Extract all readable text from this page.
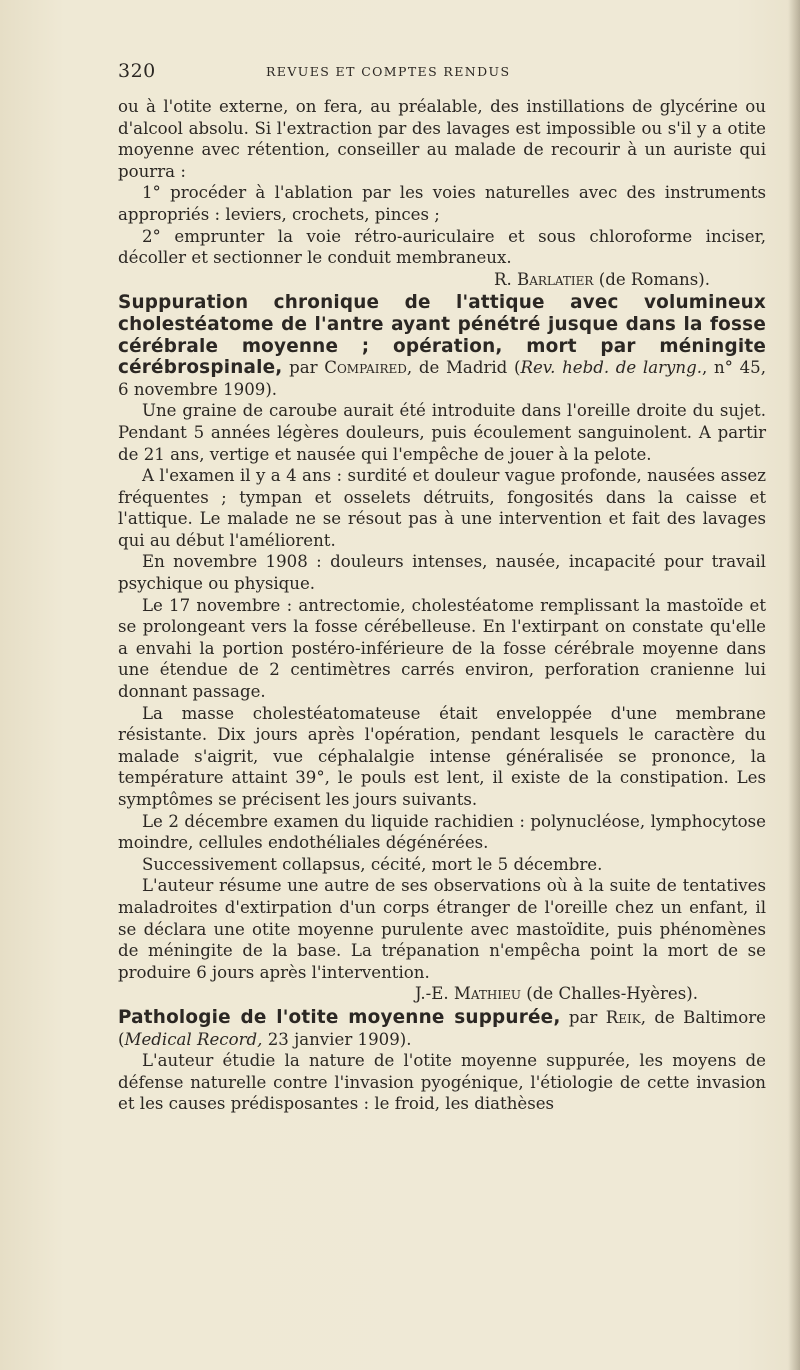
320	REVUES ET COMPTES RENDUS

ou à l'otite externe, on fera, au préalable, des instillations de glycérine ou d'alcool absolu. Si l'extraction par des lavages est impossible ou s'il y a otite moyenne avec rétention, conseiller au malade de recourir à un auriste qui pourra :

1° procéder à l'ablation par les voies naturelles avec des instruments appropriés : leviers, crochets, pinces ;

2° emprunter la voie rétro-auriculaire et sous chloroforme inciser, décoller et sectionner le conduit membraneux.

R. Barlatier (de Romans).

Suppuration chronique de l'attique avec volumineux cholestéatome de l'antre ayant pénétré jusque dans la fosse cérébrale moyenne ; opération, mort par méningite cérébrospinale, par Compaired, de Madrid (Rev. hebd. de laryng., n° 45, 6 novembre 1909).

Une graine de caroube aurait été introduite dans l'oreille droite du sujet. Pendant 5 années légères douleurs, puis écoulement sanguinolent. A partir de 21 ans, vertige et nausée qui l'empêche de jouer à la pelote.

A l'examen il y a 4 ans : surdité et douleur vague profonde, nausées assez fréquentes ; tympan et osselets détruits, fongosités dans la caisse et l'attique. Le malade ne se résout pas à une intervention et fait des lavages qui au début l'améliorent.

En novembre 1908 : douleurs intenses, nausée, incapacité pour travail psychique ou physique.

Le 17 novembre : antrectomie, cholestéatome remplissant la mastoïde et se prolongeant vers la fosse cérébelleuse. En l'extirpant on constate qu'elle a envahi la portion postéro-inférieure de la fosse cérébrale moyenne dans une étendue de 2 centimètres carrés environ, perforation cranienne lui donnant passage.

La masse cholestéatomateuse était enveloppée d'une membrane résistante. Dix jours après l'opération, pendant lesquels le caractère du malade s'aigrit, vue céphalalgie intense généralisée se prononce, la température attaint 39°, le pouls est lent, il existe de la constipation. Les symptômes se précisent les jours suivants.

Le 2 décembre examen du liquide rachidien : polynucléose, lymphocytose moindre, cellules endothéliales dégénérées.

Successivement collapsus, cécité, mort le 5 décembre.

L'auteur résume une autre de ses observations où à la suite de tentatives maladroites d'extirpation d'un corps étranger de l'oreille chez un enfant, il se déclara une otite moyenne purulente avec mastoïdite, puis phénomènes de méningite de la base. La trépanation n'empêcha point la mort de se produire 6 jours après l'intervention.

J.-E. Mathieu (de Challes-Hyères).

Pathologie de l'otite moyenne suppurée, par Reik, de Baltimore (Medical Record, 23 janvier 1909).

L'auteur étudie la nature de l'otite moyenne suppurée, les moyens de défense naturelle contre l'invasion pyogénique, l'étiologie de cette invasion et les causes prédisposantes : le froid, les diathèses
